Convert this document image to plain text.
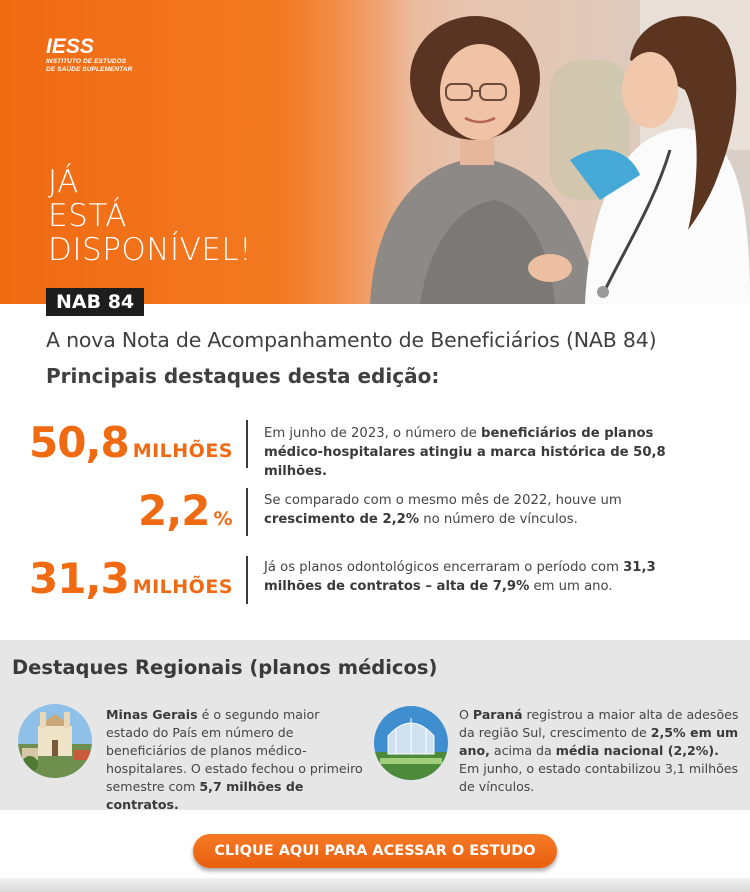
IESS
INSTITUTO DE ESTUDOS
DE SAÚDE SUPLEMENTAR
JÁ
ESTÁ
DISPONÍVEL!
NAB 84
A nova Nota de Acompanhamento de Beneficiários (NAB 84)
Principais destaques desta edição:
50,8 MILHÕES
Em junho de 2023, o número de beneficiários de planos médico-hospitalares atingiu a marca histórica de 50,8 milhões.
2,2 %
Se comparado com o mesmo mês de 2022, houve um crescimento de 2,2% no número de vínculos.
31,3 MILHÕES
Já os planos odontológicos encerraram o período com 31,3 milhões de contratos – alta de 7,9% em um ano.
Destaques Regionais (planos médicos)
Minas Gerais é o segundo maior estado do País em número de beneficiários de planos médico-hospitalares. O estado fechou o primeiro semestre com 5,7 milhões de contratos.
O Paraná registrou a maior alta de adesões da região Sul, crescimento de 2,5% em um ano, acima da média nacional (2,2%). Em junho, o estado contabilizou 3,1 milhões de vínculos.
CLIQUE AQUI PARA ACESSAR O ESTUDO
